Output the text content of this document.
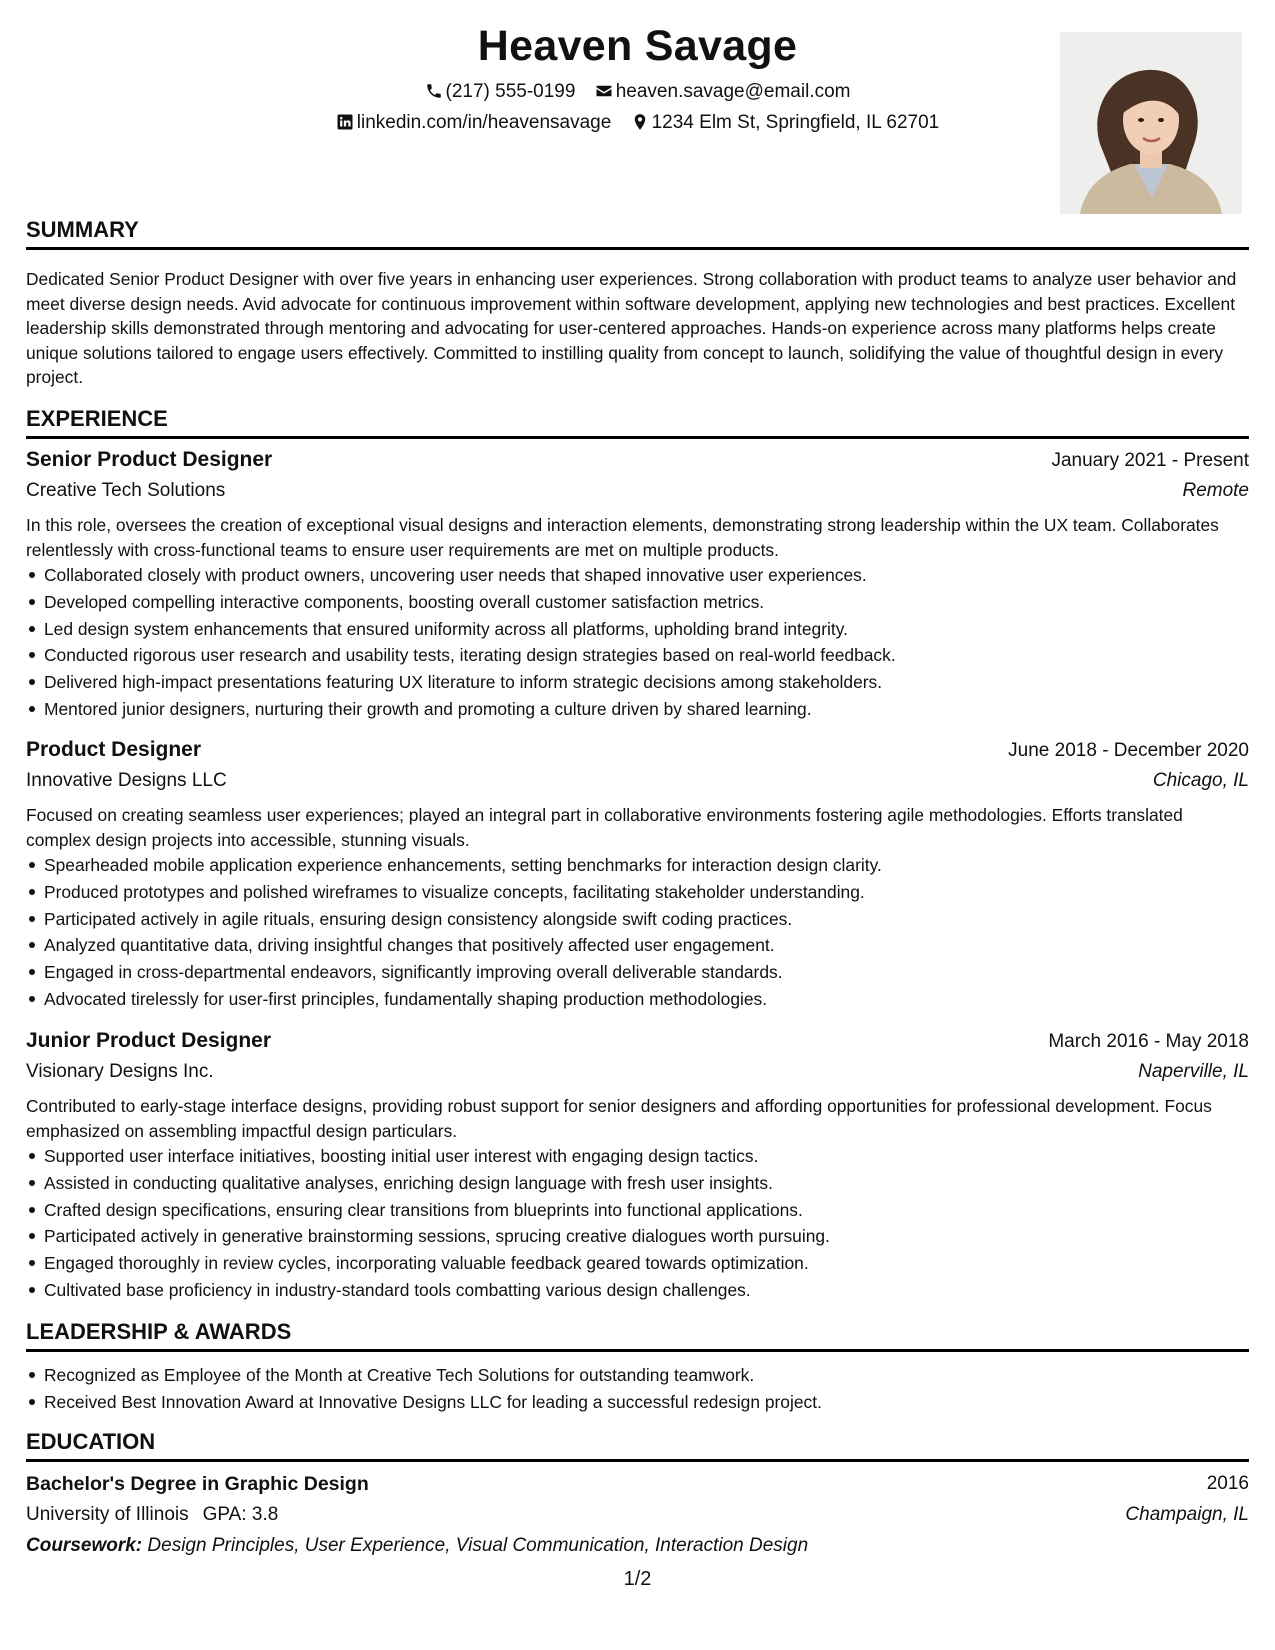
Heaven Savage
(217) 555-0199 heaven.savage@email.com
linkedin.com/in/heavensavage 1234 Elm St, Springfield, IL 62701
SUMMARY
Dedicated Senior Product Designer with over five years in enhancing user experiences. Strong collaboration with product teams to analyze user behavior and meet diverse design needs. Avid advocate for continuous improvement within software development, applying new technologies and best practices. Excellent leadership skills demonstrated through mentoring and advocating for user-centered approaches. Hands-on experience across many platforms helps create unique solutions tailored to engage users effectively. Committed to instilling quality from concept to launch, solidifying the value of thoughtful design in every project.
EXPERIENCE
Senior Product Designer	January 2021 - Present
Creative Tech Solutions	Remote
In this role, oversees the creation of exceptional visual designs and interaction elements, demonstrating strong leadership within the UX team. Collaborates relentlessly with cross-functional teams to ensure user requirements are met on multiple products.
Collaborated closely with product owners, uncovering user needs that shaped innovative user experiences.
Developed compelling interactive components, boosting overall customer satisfaction metrics.
Led design system enhancements that ensured uniformity across all platforms, upholding brand integrity.
Conducted rigorous user research and usability tests, iterating design strategies based on real-world feedback.
Delivered high-impact presentations featuring UX literature to inform strategic decisions among stakeholders.
Mentored junior designers, nurturing their growth and promoting a culture driven by shared learning.
Product Designer	June 2018 - December 2020
Innovative Designs LLC	Chicago, IL
Focused on creating seamless user experiences; played an integral part in collaborative environments fostering agile methodologies. Efforts translated complex design projects into accessible, stunning visuals.
Spearheaded mobile application experience enhancements, setting benchmarks for interaction design clarity.
Produced prototypes and polished wireframes to visualize concepts, facilitating stakeholder understanding.
Participated actively in agile rituals, ensuring design consistency alongside swift coding practices.
Analyzed quantitative data, driving insightful changes that positively affected user engagement.
Engaged in cross-departmental endeavors, significantly improving overall deliverable standards.
Advocated tirelessly for user-first principles, fundamentally shaping production methodologies.
Junior Product Designer	March 2016 - May 2018
Visionary Designs Inc.	Naperville, IL
Contributed to early-stage interface designs, providing robust support for senior designers and affording opportunities for professional development. Focus emphasized on assembling impactful design particulars.
Supported user interface initiatives, boosting initial user interest with engaging design tactics.
Assisted in conducting qualitative analyses, enriching design language with fresh user insights.
Crafted design specifications, ensuring clear transitions from blueprints into functional applications.
Participated actively in generative brainstorming sessions, sprucing creative dialogues worth pursuing.
Engaged thoroughly in review cycles, incorporating valuable feedback geared towards optimization.
Cultivated base proficiency in industry-standard tools combatting various design challenges.
LEADERSHIP & AWARDS
Recognized as Employee of the Month at Creative Tech Solutions for outstanding teamwork.
Received Best Innovation Award at Innovative Designs LLC for leading a successful redesign project.
EDUCATION
Bachelor's Degree in Graphic Design	2016
University of Illinois GPA: 3.8	Champaign, IL
Coursework: Design Principles, User Experience, Visual Communication, Interaction Design
1/2
